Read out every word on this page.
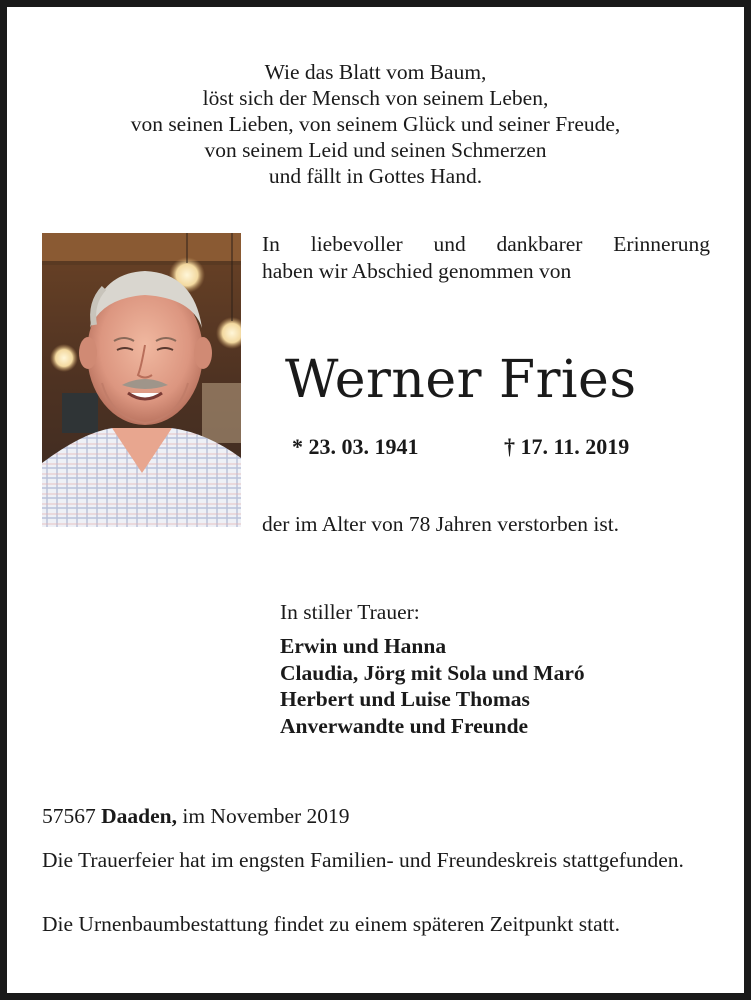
Wie das Blatt vom Baum,
löst sich der Mensch von seinem Leben,
von seinen Lieben, von seinem Glück und seiner Freude,
von seinem Leid und seinen Schmerzen
und fällt in Gottes Hand.
In liebevoller und dankbarer Erinnerung
haben wir Abschied genommen von
Werner Fries
* 23. 03. 1941	† 17. 11. 2019
der im Alter von 78 Jahren verstorben ist.
In stiller Trauer:
Erwin und Hanna
Claudia, Jörg mit Sola und Maró
Herbert und Luise Thomas
Anverwandte und Freunde
57567 Daaden, im November 2019
Die Trauerfeier hat im engsten Familien- und Freundeskreis stattgefunden.
Die Urnenbaumbestattung findet zu einem späteren Zeitpunkt statt.
